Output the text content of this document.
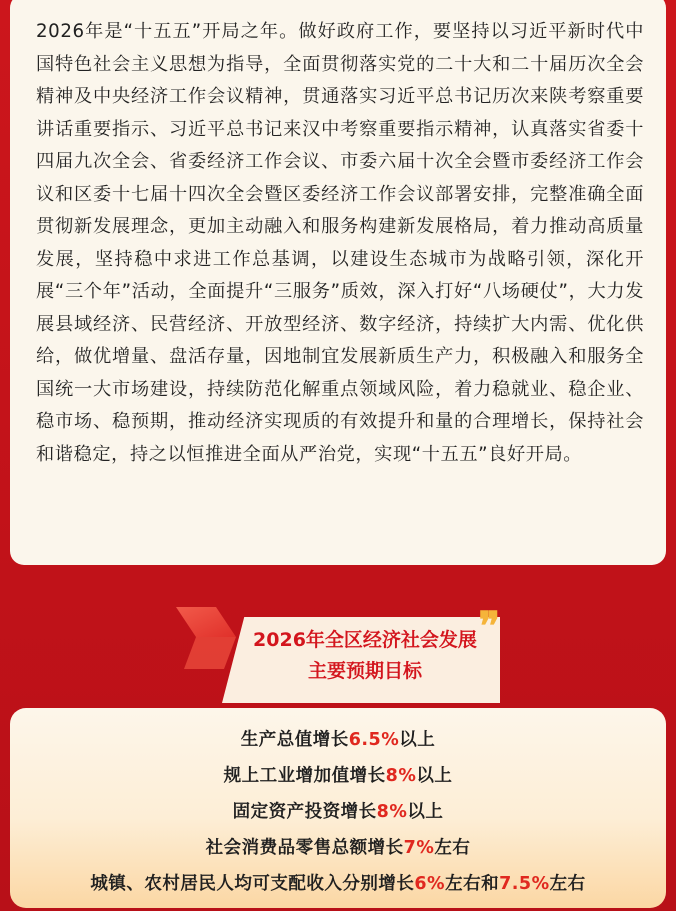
2026年是“十五五”开局之年。做好政府工作，要坚持以习近平新时代中国特色社会主义思想为指导，全面贯彻落实党的二十大和二十届历次全会精神及中央经济工作会议精神，贯通落实习近平总书记历次来陕考察重要讲话重要指示、习近平总书记来汉中考察重要指示精神，认真落实省委十四届九次全会、省委经济工作会议、市委六届十次全会暨市委经济工作会议和区委十七届十四次全会暨区委经济工作会议部署安排，完整准确全面贯彻新发展理念，更加主动融入和服务构建新发展格局，着力推动高质量发展，坚持稳中求进工作总基调，以建设生态城市为战略引领，深化开展“三个年”活动，全面提升“三服务”质效，深入打好“八场硬仗”，大力发展县域经济、民营经济、开放型经济、数字经济，持续扩大内需、优化供给，做优增量、盘活存量，因地制宜发展新质生产力，积极融入和服务全国统一大市场建设，持续防范化解重点领域风险，着力稳就业、稳企业、稳市场、稳预期，推动经济实现质的有效提升和量的合理增长，保持社会和谐稳定，持之以恒推进全面从严治党，实现“十五五”良好开局。

❞
2026年全区经济社会发展
主要预期目标
生产总值增长6.5%以上
规上工业增加值增长8%以上
固定资产投资增长8%以上
社会消费品零售总额增长7%左右
城镇、农村居民人均可支配收入分别增长6%左右和7.5%左右
